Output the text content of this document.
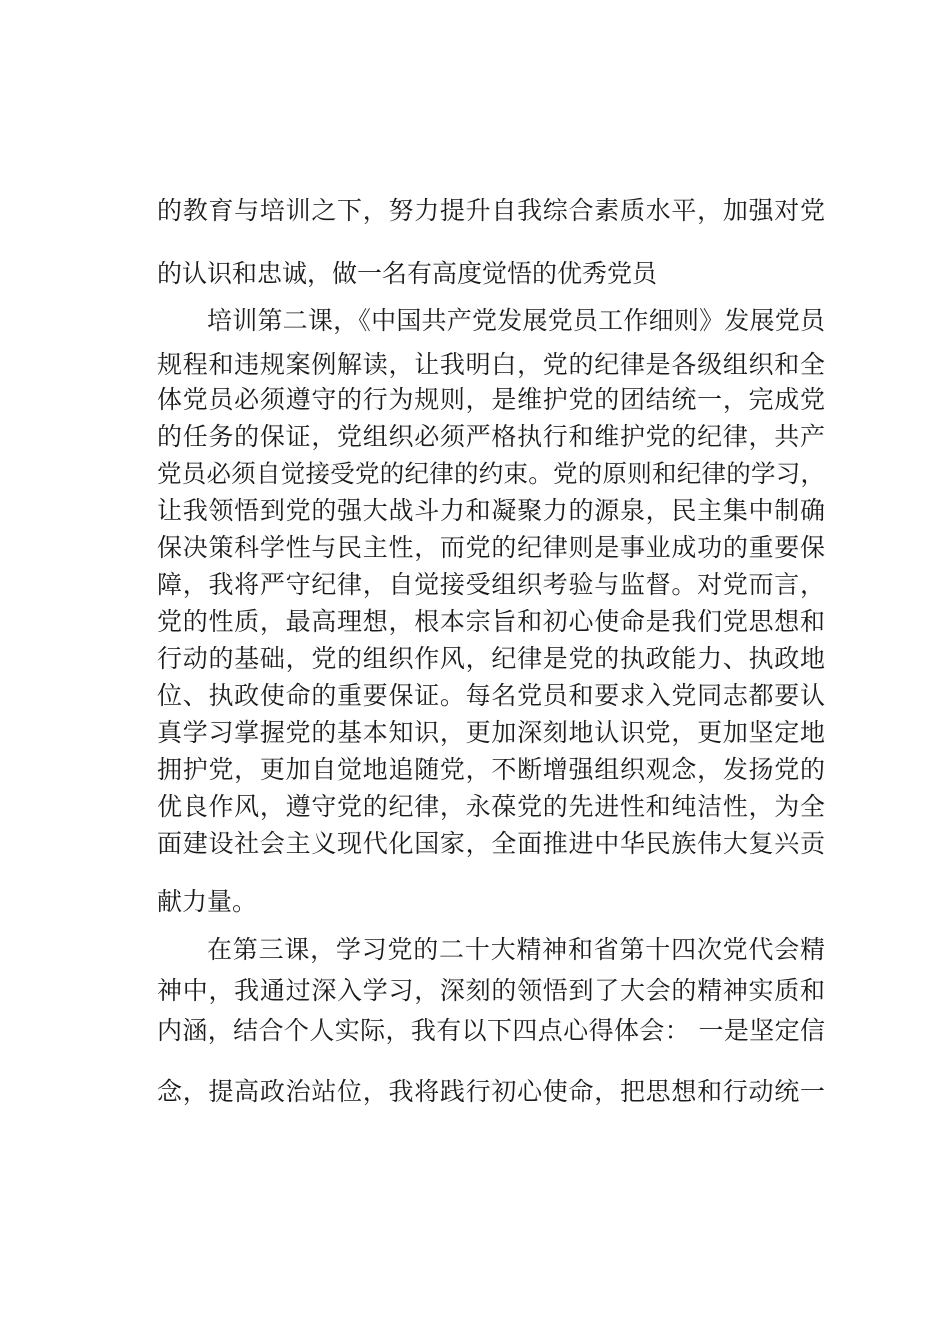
的教育与培训之下，努力提升自我综合素质水平，加强对党
的认识和忠诚，做一名有高度觉悟的优秀党员
培训第二课，《中国共产党发展党员工作细则》发展党员
规程和违规案例解读，让我明白，党的纪律是各级组织和全
体党员必须遵守的行为规则，是维护党的团结统一，完成党
的任务的保证，党组织必须严格执行和维护党的纪律，共产
党员必须自觉接受党的纪律的约束。党的原则和纪律的学习，
让我领悟到党的强大战斗力和凝聚力的源泉，民主集中制确
保决策科学性与民主性，而党的纪律则是事业成功的重要保
障，我将严守纪律，自觉接受组织考验与监督。对党而言，
党的性质，最高理想，根本宗旨和初心使命是我们党思想和
行动的基础，党的组织作风，纪律是党的执政能力、执政地
位、执政使命的重要保证。每名党员和要求入党同志都要认
真学习掌握党的基本知识，更加深刻地认识党，更加坚定地
拥护党，更加自觉地追随党，不断增强组织观念，发扬党的
优良作风，遵守党的纪律，永葆党的先进性和纯洁性，为全
面建设社会主义现代化国家，全面推进中华民族伟大复兴贡
献力量。
在第三课，学习党的二十大精神和省第十四次党代会精
神中，我通过深入学习，深刻的领悟到了大会的精神实质和
内涵，结合个人实际，我有以下四点心得体会： 一是坚定信
念，提高政治站位，我将践行初心使命，把思想和行动统一
